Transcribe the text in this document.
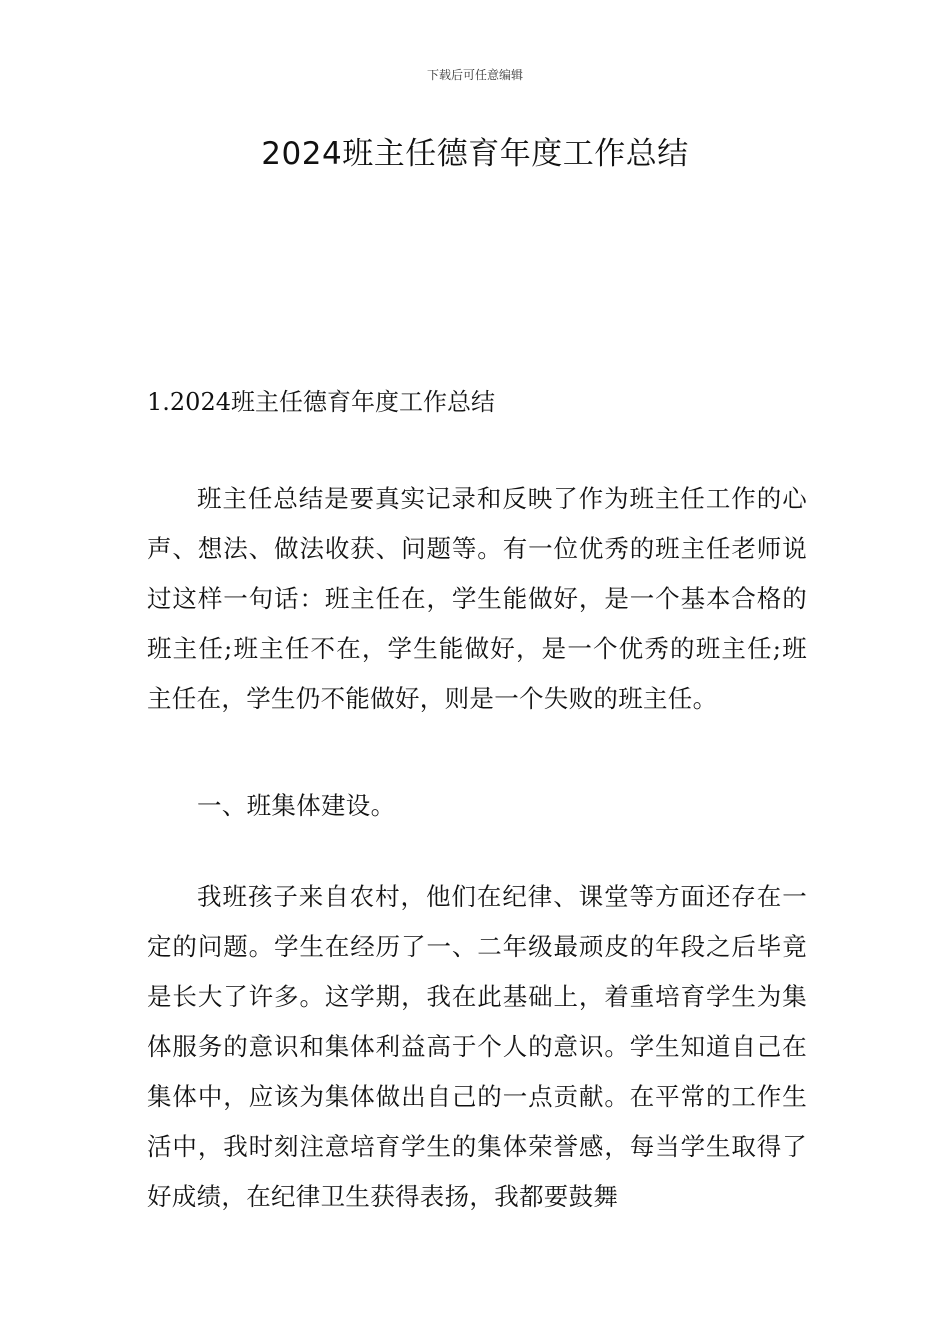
下载后可任意编辑
2024班主任德育年度工作总结
1.2024班主任德育年度工作总结

班主任总结是要真实记录和反映了作为班主任工作的心声、想法、做法收获、问题等。有一位优秀的班主任老师说过这样一句话：班主任在，学生能做好，是一个基本合格的班主任;班主任不在，学生能做好，是一个优秀的班主任;班主任在，学生仍不能做好，则是一个失败的班主任。

一、班集体建设。

我班孩子来自农村，他们在纪律、课堂等方面还存在一定的问题。学生在经历了一、二年级最顽皮的年段之后毕竟是长大了许多。这学期，我在此基础上，着重培育学生为集体服务的意识和集体利益高于个人的意识。学生知道自己在集体中，应该为集体做出自己的一点贡献。在平常的工作生活中，我时刻注意培育学生的集体荣誉感，每当学生取得了好成绩，在纪律卫生获得表扬，我都要鼓舞
